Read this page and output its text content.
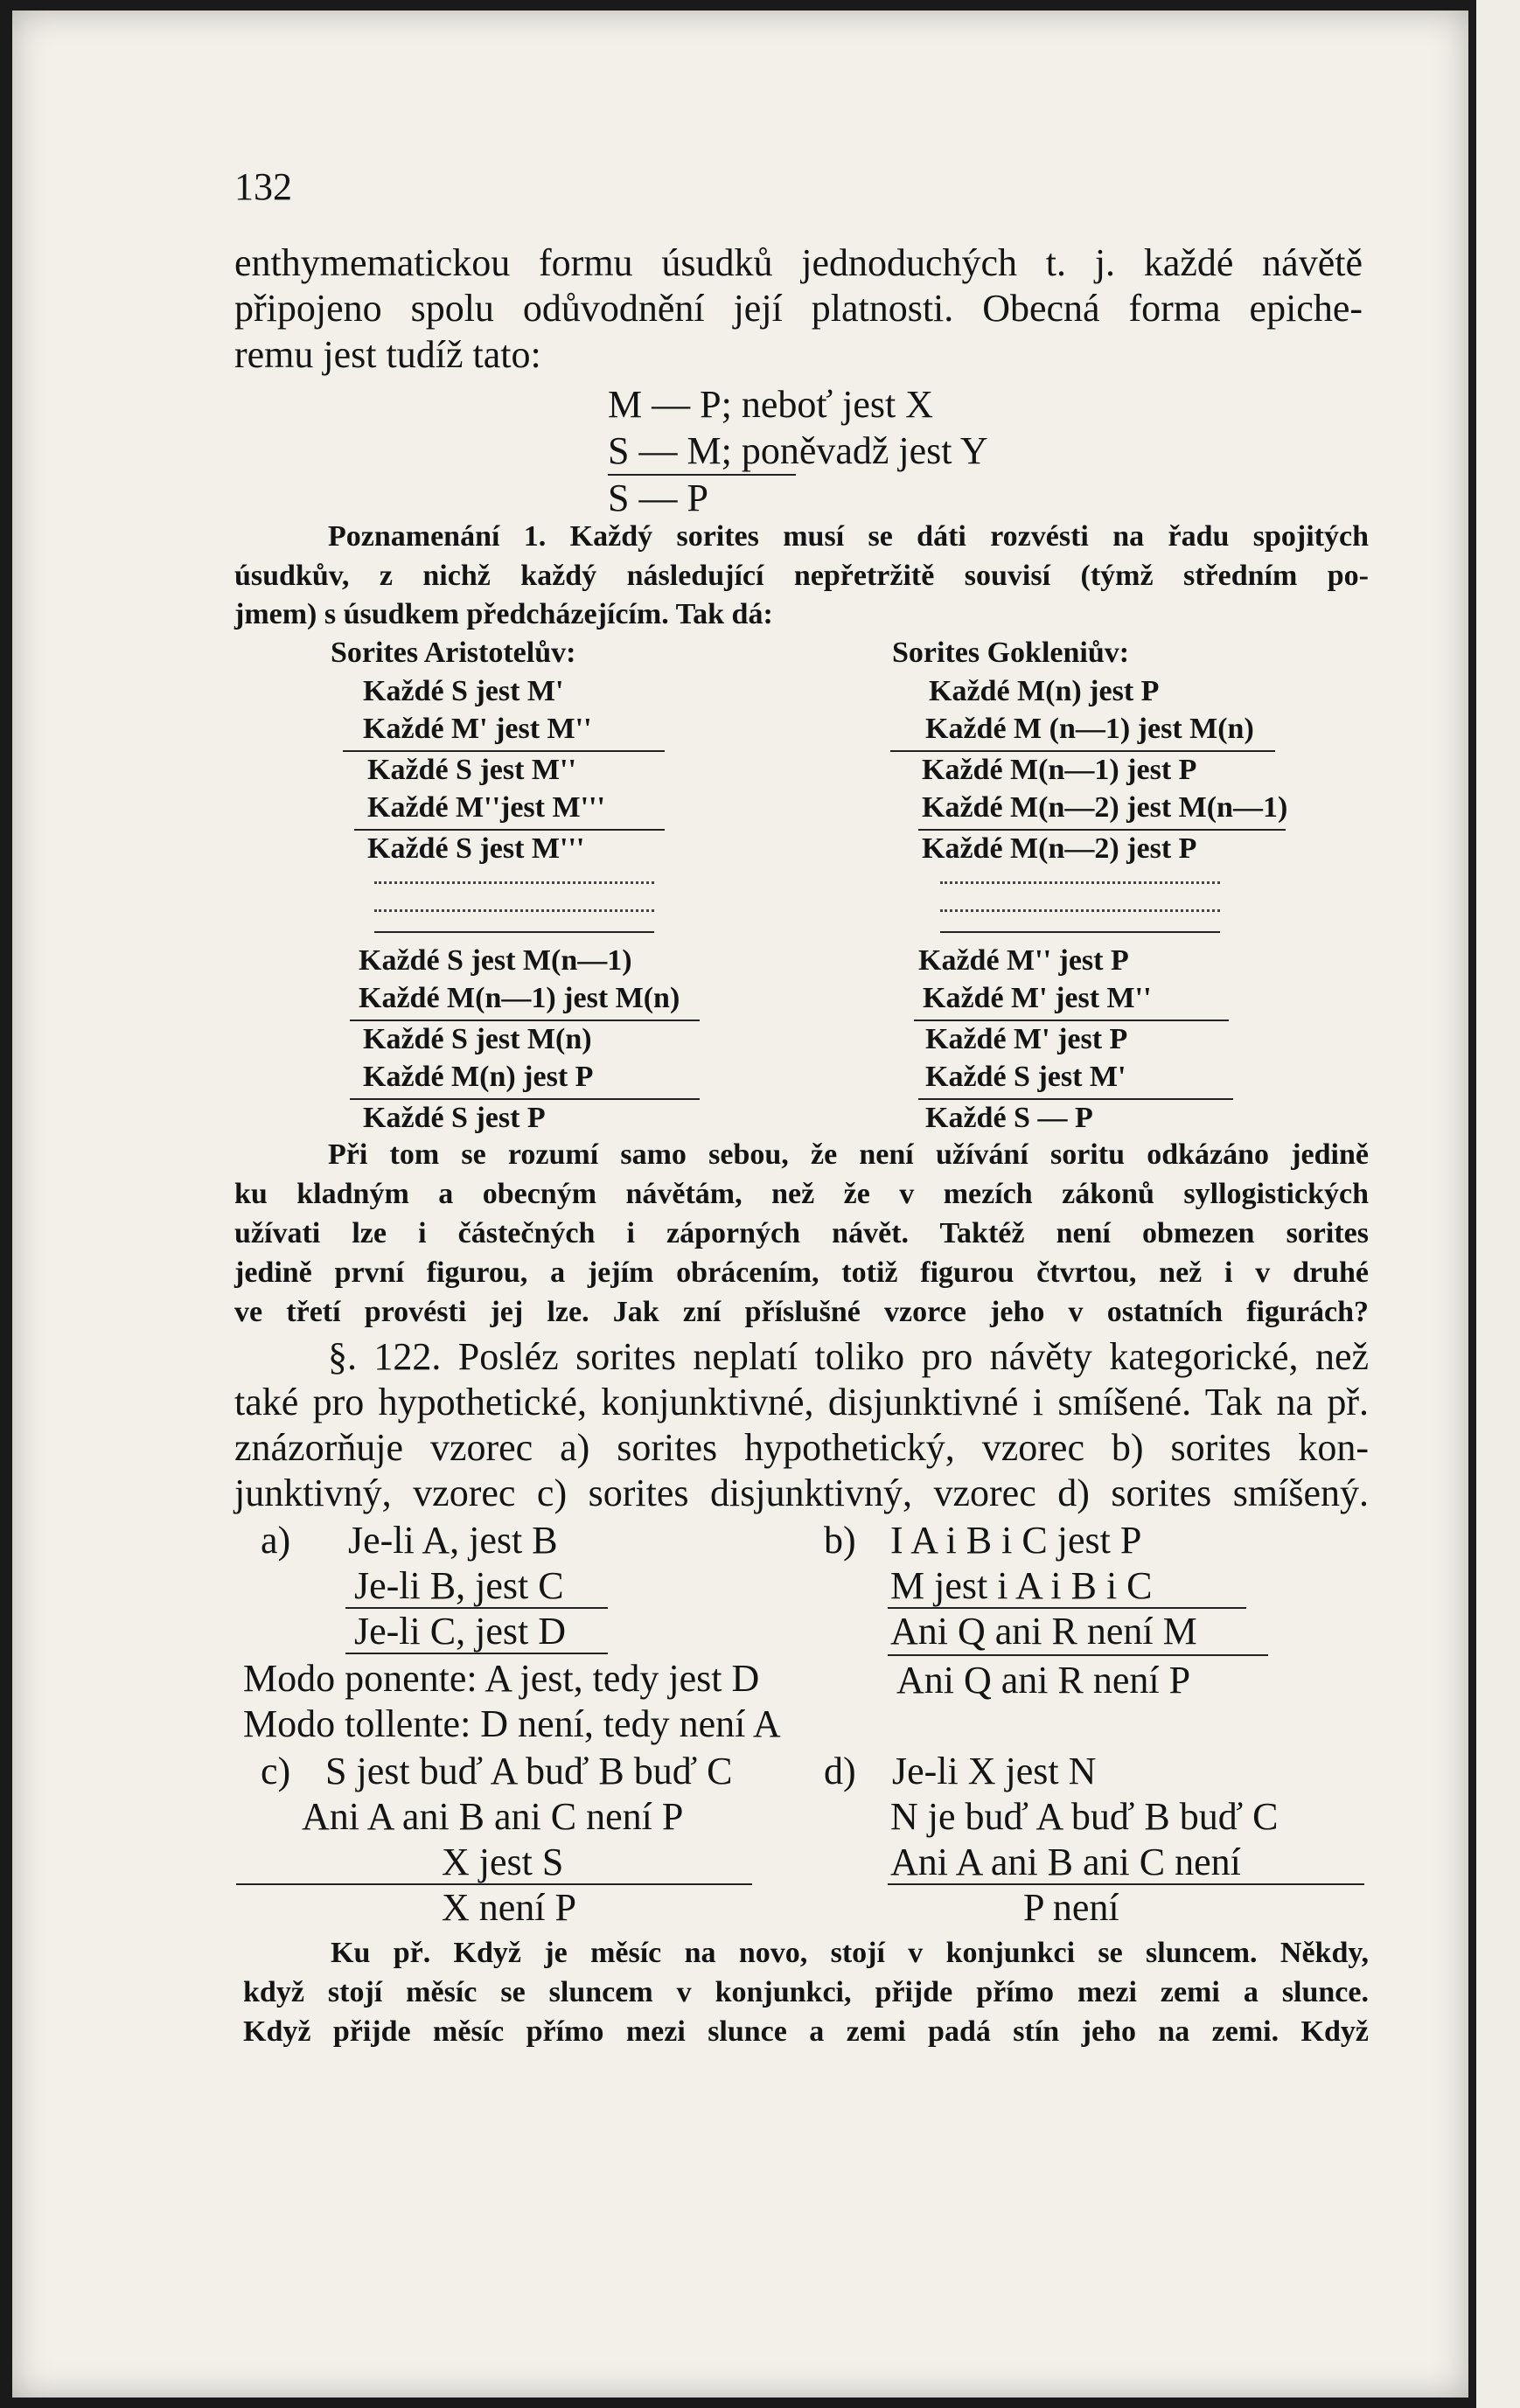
132
enthymematickou formu úsudků jednoduchých t. j. každé návětě
připojeno spolu odůvodnění její platnosti. Obecná forma epiche-
remu jest tudíž tato:
M — P; neboť jest X
S — M; poněvadž jest Y
S — P
Poznamenání 1. Každý sorites musí se dáti rozvésti na řadu spojitých
úsudkův, z nichž každý následující nepřetržitě souvisí (týmž středním po-
jmem) s úsudkem předcházejícím. Tak dá:
Sorites Aristotelův:	Sorites Gokleniův:
Každé S jest M'
Každé M' jest M''
Každé S jest M''
Každé M''jest M'''
Každé S jest M'''
Každé M(n) jest P
Každé M (n—1) jest M(n)
Každé M(n—1) jest P
Každé M(n—2) jest M(n—1)
Každé M(n—2) jest P
Každé S jest M(n—1)
Každé M(n—1) jest M(n)
Každé S jest M(n)
Každé M(n) jest P
Každé S jest P
Každé M'' jest P
Každé M' jest M''
Každé M' jest P
Každé S jest M'
Každé S — P
Při tom se rozumí samo sebou, že není užívání soritu odkázáno jedině
ku kladným a obecným návětám, než že v mezích zákonů syllogistických
užívati lze i částečných i záporných návět. Taktéž není obmezen sorites
jedině první figurou, a jejím obrácením, totiž figurou čtvrtou, než i v druhé
ve třetí provésti jej lze. Jak zní příslušné vzorce jeho v ostatních figurách?
§. 122. Posléz sorites neplatí toliko pro návěty kategorické, než
také pro hypothetické, konjunktivné, disjunktivné i smíšené. Tak na př.
znázorňuje vzorec a) sorites hypothetický, vzorec b) sorites kon-
junktivný, vzorec c) sorites disjunktivný, vzorec d) sorites smíšený.
a) Je-li A, jest B
Je-li B, jest C
Je-li C, jest D
Modo ponente: A jest, tedy jest D
Modo tollente: D není, tedy není A
b) I A i B i C jest P
M jest i A i B i C
Ani Q ani R není M
Ani Q ani R není P
c) S jest buď A buď B buď C
Ani A ani B ani C není P
X jest S
X není P
d) Je-li X jest N
N je buď A buď B buď C
Ani A ani B ani C není
P není
Ku př. Když je měsíc na novo, stojí v konjunkci se sluncem. Někdy,
když stojí měsíc se sluncem v konjunkci, přijde přímo mezi zemi a slunce.
Když přijde měsíc přímo mezi slunce a zemi padá stín jeho na zemi. Když
